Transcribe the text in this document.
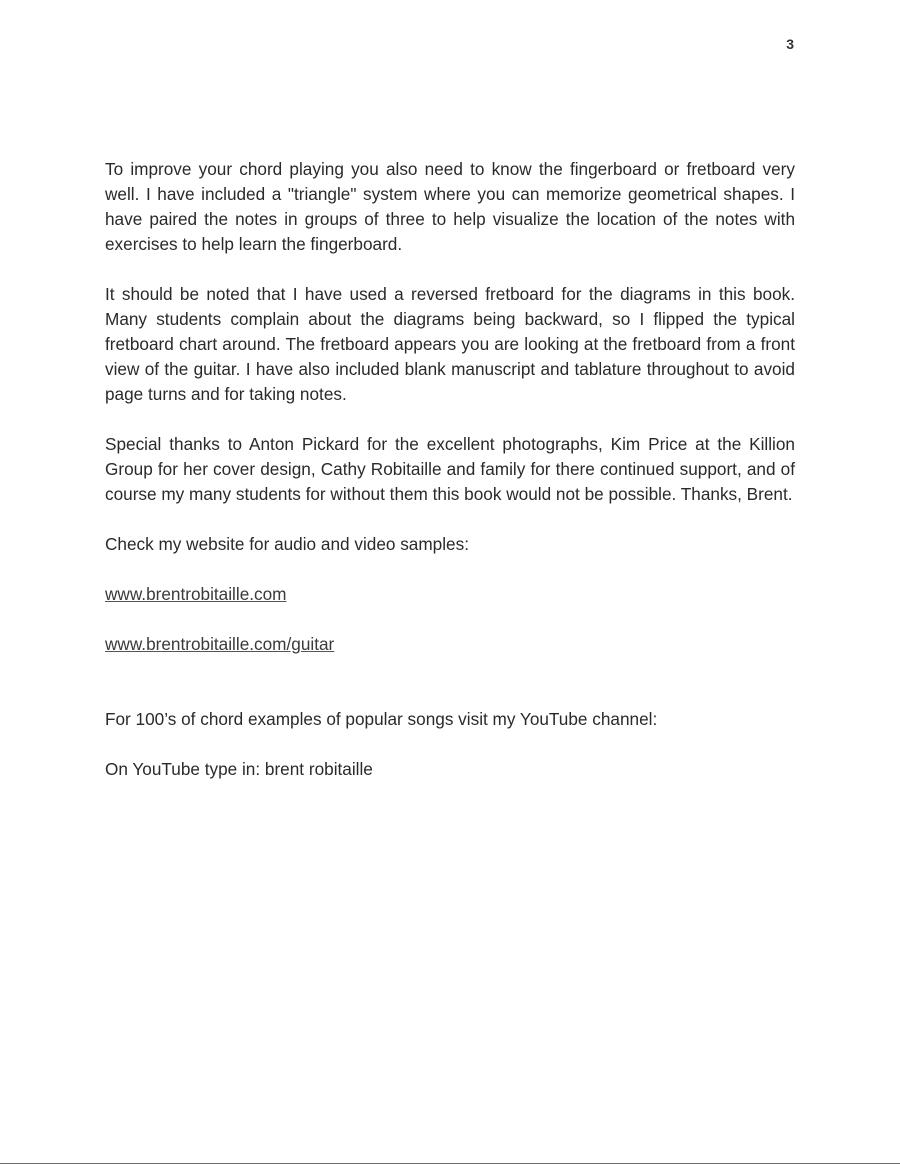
3

To improve your chord playing you also need to know the fingerboard or fretboard very well. I have included a "triangle" system where you can memorize geometrical shapes. I have paired the notes in groups of three to help visualize the location of the notes with exercises to help learn the fingerboard.

It should be noted that I have used a reversed fretboard for the diagrams in this book. Many students complain about the diagrams being backward, so I flipped the typical fretboard chart around. The fretboard appears you are looking at the fretboard from a front view of the guitar. I have also included blank manuscript and tablature throughout to avoid page turns and for taking notes.

Special thanks to Anton Pickard for the excellent photographs, Kim Price at the Killion Group for her cover design, Cathy Robitaille and family for there continued support, and of course my many students for without them this book would not be possible. Thanks, Brent.

Check my website for audio and video samples:

www.brentrobitaille.com

www.brentrobitaille.com/guitar

For 100’s of chord examples of popular songs visit my YouTube channel:

On YouTube type in: brent robitaille
